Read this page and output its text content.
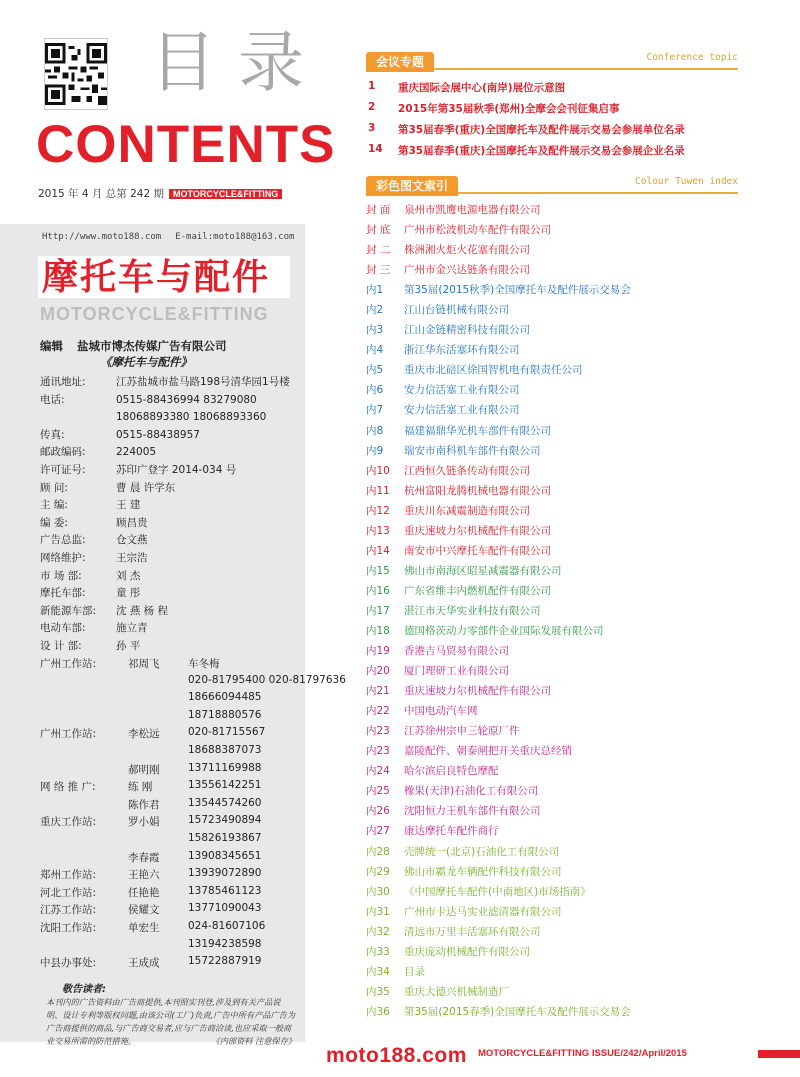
目录
CONTENTS
2015 年 4 月 总第 242 期 MOTORCYCLE&FITTING
Http://www.moto188.com E-mail:moto188@163.com
摩托车与配件
MOTORCYCLE&FITTING
编辑 盐城市博杰传媒广告有限公司
《摩托车与配件》
通讯地址:	江苏盐城市盐马路198号清华园1号楼
电话:	0515-88436994 83279080
18068893380 18068893360
传真:	0515-88438957
邮政编码:	224005
许可证号:	苏印广登字 2014-034 号
顾 问:	曹 晨 许学东
主 编:	王 建
编 委:	顾昌贵
广告总监:	仓文燕
网络维护:	王宗浩
市 场 部:	刘 杰
摩托车部:	童 彤
新能源车部: 沈 燕 杨 程
电动车部:	施立青
设 计 部:	孙 平
广州工作站:	祁周飞	车冬梅
020-81795400 020-81797636
18666094485
18718880576
广州工作站:	李松远	020-81715567
18688387073
郝明刚	13711169988
网 络 推 广:	练 刚	13556142251
陈作君	13544574260
重庆工作站:	罗小娟	15723490894
15826193867
李春霞	13908345651
郑州工作站:	王艳六	13939072890
河北工作站:	任艳艳	13785461123
江苏工作站:	侯耀文	13771090043
沈阳工作站:	单宏生	024-81607106
13194238598
中县办事处:	王成成	15722887919
敬告读者:
本刊内的广告资料由广告商提供,本刊照实刊登,涉及到有关产品说明、设计专利等版权问题,由该公司(工厂)负责,广告中所有产品广告为广告商提供的商品,与广告商交易者,应与广告商洽谈,也应采取一般商业交易所需的防范措施。	《内部资料 注意保存》
会议专题	Conference topic
1 重庆国际会展中心(南岸)展位示意图
2 2015年第35届秋季(郑州)全摩会会刊征集启事
3 第35届春季(重庆)全国摩托车及配件展示交易会参展单位名录
14 第35届春季(重庆)全国摩托车及配件展示交易会参展企业名录
彩色图文索引	Colour Tuwen index
封 面 泉州市凯鹰电源电器有限公司
封 底 广州市松波机动车配件有限公司
封 二 株洲湘火炬火花塞有限公司
封 三 广州市金兴达链条有限公司
内1 第35届(2015秋季)全国摩托车及配件展示交易会
内2 江山台链机械有限公司
内3 江山金链精密科技有限公司
内4 浙江华东活塞环有限公司
内5 重庆市北碚区徐国智机电有限责任公司
内6 安力信活塞工业有限公司
内7 安力信活塞工业有限公司
内8 福建福鼎华光机车部件有限公司
内9 瑞安市南科机车部件有限公司
内10 江西恒久链条传动有限公司
内11 杭州富阳龙腾机械电器有限公司
内12 重庆川东减震制造有限公司
内13 重庆速坡力尔机械配件有限公司
内14 南安市中兴摩托车配件有限公司
内15 佛山市南海区昭星减震器有限公司
内16 广东省维丰内燃机配件有限公司
内17 湛江市天华实业科技有限公司
内18 德国格茨动力零部件企业国际发展有限公司
内19 香港吉马贸易有限公司
内20 厦门理研工业有限公司
内21 重庆速坡力尔机械配件有限公司
内22 中国电动汽车网
内23 江苏徐州宗申三轮原厂件
内23 嘉陵配件、朝泰闸把开关重庆总经销
内24 哈尔滨启良特色摩配
内25 橡果(天津)石油化工有限公司
内26 沈阳恒力王机车部件有限公司
内27 康达摩托车配件商行
内28 壳牌统一(北京)石油化工有限公司
内29 佛山市霸龙车辆配件科技有限公司
内30 《中国摩托车配件(中南地区)市场指南》
内31 广州市卡达马实业滤清器有限公司
内32 清远市万里丰活塞环有限公司
内33 重庆庞动机械配件有限公司
内34 目录
内35 重庆大德兴机械制造厂
内36 第35届(2015春季)全国摩托车及配件展示交易会
moto188.com MOTORCYCLE&FITTING ISSUE/242/April/2015
